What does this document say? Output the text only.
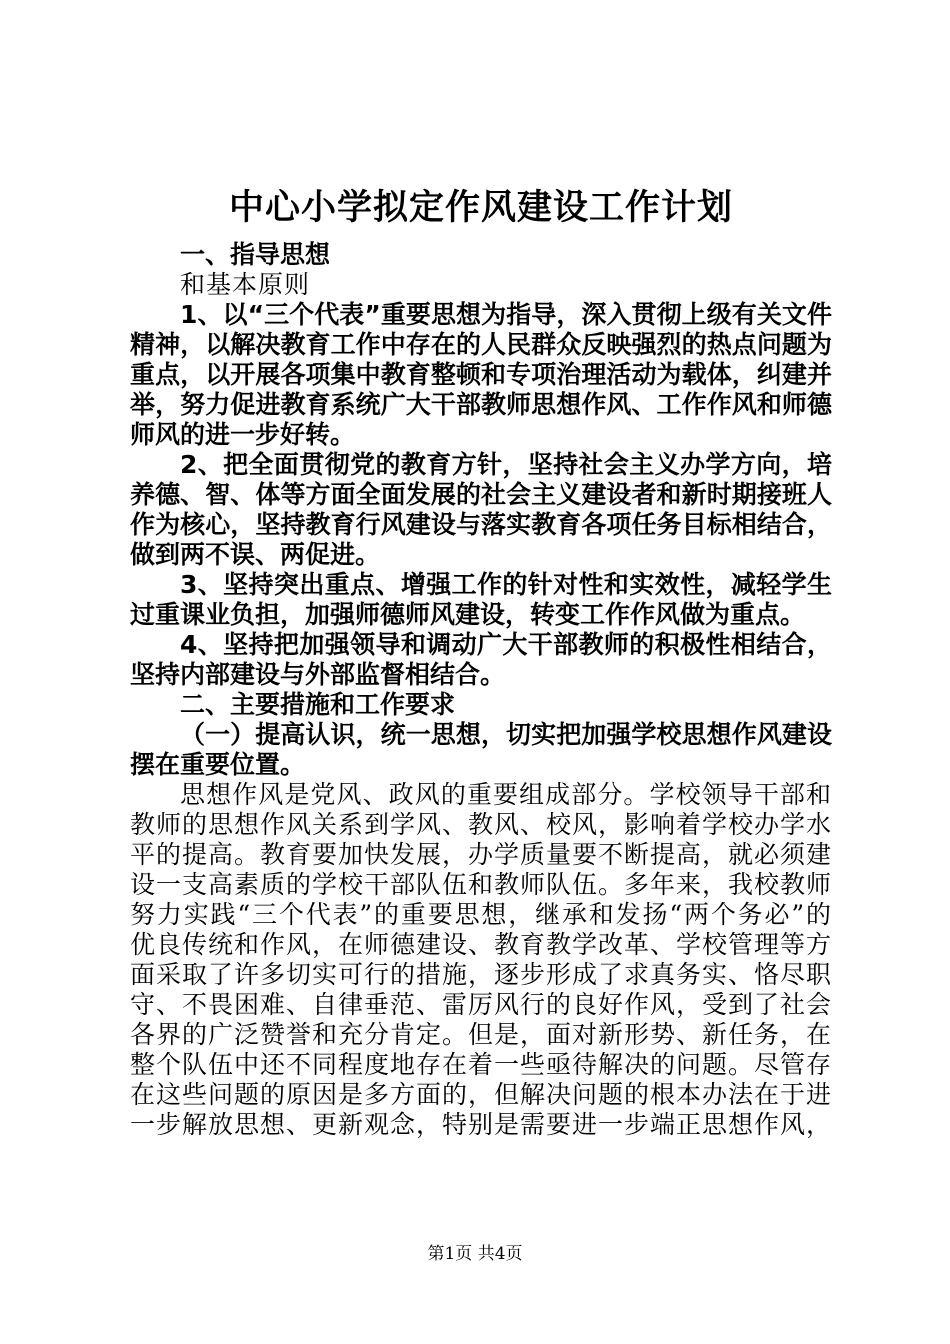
中心小学拟定作风建设工作计划

一、指导思想

和基本原则

1、以“三个代表”重要思想为指导，深入贯彻上级有关文件精神，以解决教育工作中存在的人民群众反映强烈的热点问题为重点，以开展各项集中教育整顿和专项治理活动为载体，纠建并举，努力促进教育系统广大干部教师思想作风、工作作风和师德师风的进一步好转。

2、把全面贯彻党的教育方针，坚持社会主义办学方向，培养德、智、体等方面全面发展的社会主义建设者和新时期接班人作为核心，坚持教育行风建设与落实教育各项任务目标相结合，做到两不误、两促进。

3、坚持突出重点、增强工作的针对性和实效性，减轻学生过重课业负担，加强师德师风建设，转变工作作风做为重点。

4、坚持把加强领导和调动广大干部教师的积极性相结合，坚持内部建设与外部监督相结合。

二、主要措施和工作要求

（一）提高认识，统一思想，切实把加强学校思想作风建设摆在重要位置。

思想作风是党风、政风的重要组成部分。学校领导干部和教师的思想作风关系到学风、教风、校风，影响着学校办学水平的提高。教育要加快发展，办学质量要不断提高，就必须建设一支高素质的学校干部队伍和教师队伍。多年来，我校教师努力实践“三个代表”的重要思想，继承和发扬“两个务必”的优良传统和作风，在师德建设、教育教学改革、学校管理等方面采取了许多切实可行的措施，逐步形成了求真务实、恪尽职守、不畏困难、自律垂范、雷厉风行的良好作风，受到了社会各界的广泛赞誉和充分肯定。但是，面对新形势、新任务，在整个队伍中还不同程度地存在着一些亟待解决的问题。尽管存在这些问题的原因是多方面的，但解决问题的根本办法在于进一步解放思想、更新观念，特别是需要进一步端正思想作风，

第1页 共4页
